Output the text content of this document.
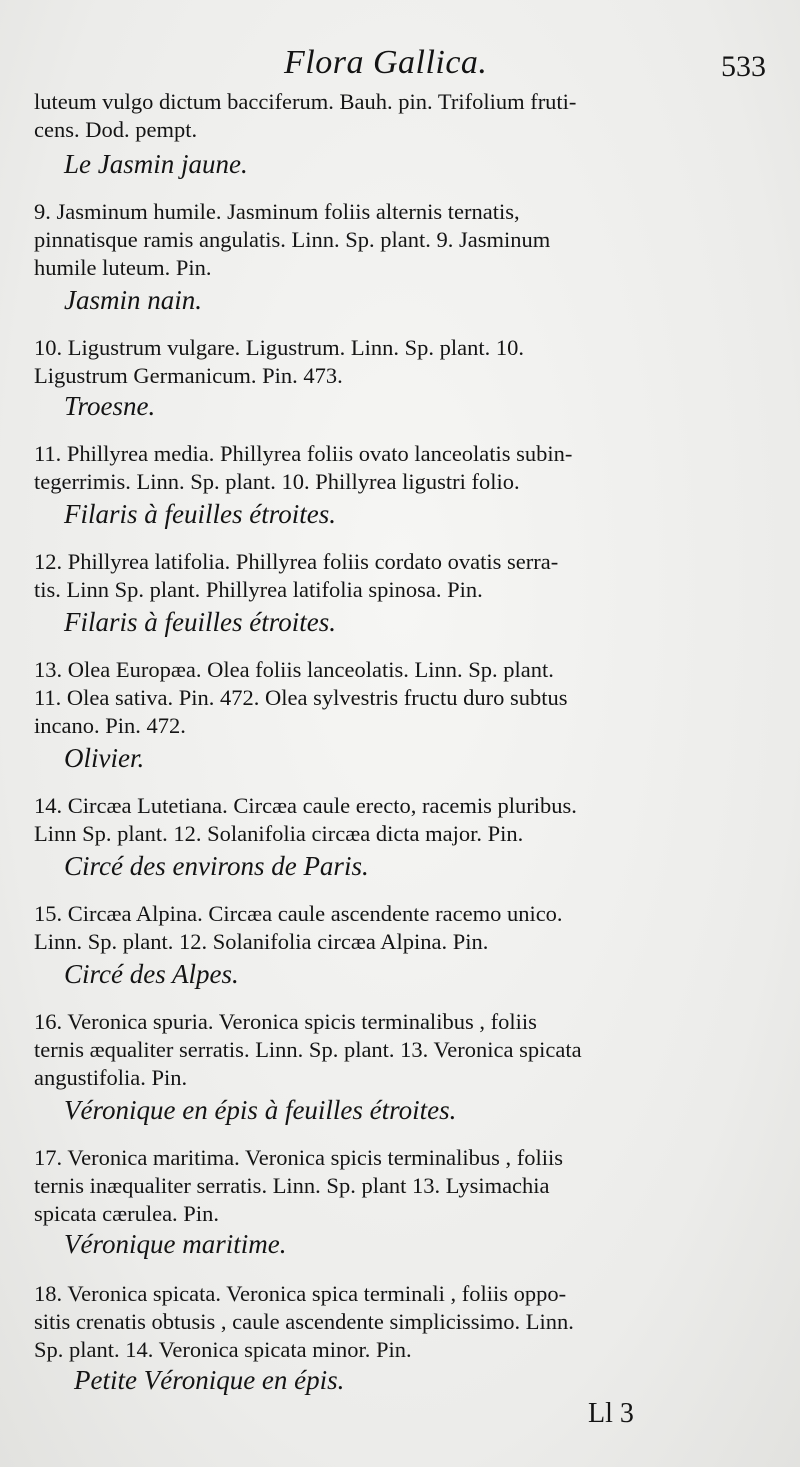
Flora Gallica.	533
luteum vulgo dictum bacciferum. Bauh. pin. Trifolium fruti-
cens. Dod. pempt.
Le Jasmin jaune.
9. Jasminum humile. Jasminum foliis alternis ternatis,
pinnatisque ramis angulatis. Linn. Sp. plant. 9. Jasminum
humile luteum. Pin.
Jasmin nain.
10. Ligustrum vulgare. Ligustrum. Linn. Sp. plant. 10.
Ligustrum Germanicum. Pin. 473.
Troesne.
11. Phillyrea media. Phillyrea foliis ovato lanceolatis subin-
tegerrimis. Linn. Sp. plant. 10. Phillyrea ligustri folio.
Filaris à feuilles étroites.
12. Phillyrea latifolia. Phillyrea foliis cordato ovatis serra-
tis. Linn Sp. plant. Phillyrea latifolia spinosa. Pin.
Filaris à feuilles étroites.
13. Olea Europæa. Olea foliis lanceolatis. Linn. Sp. plant.
11. Olea sativa. Pin. 472. Olea sylvestris fructu duro subtus
incano. Pin. 472.
Olivier.
14. Circæa Lutetiana. Circæa caule erecto, racemis pluribus.
Linn Sp. plant. 12. Solanifolia circæa dicta major. Pin.
Circé des environs de Paris.
15. Circæa Alpina. Circæa caule ascendente racemo unico.
Linn. Sp. plant. 12. Solanifolia circæa Alpina. Pin.
Circé des Alpes.
16. Veronica spuria. Veronica spicis terminalibus , foliis
ternis æqualiter serratis. Linn. Sp. plant. 13. Veronica spicata
angustifolia. Pin.
Véronique en épis à feuilles étroites.
17. Veronica maritima. Veronica spicis terminalibus , foliis
ternis inæqualiter serratis. Linn. Sp. plant 13. Lysimachia
spicata cærulea. Pin.
Véronique maritime.
18. Veronica spicata. Veronica spica terminali , foliis oppo-
sitis crenatis obtusis , caule ascendente simplicissimo. Linn.
Sp. plant. 14. Veronica spicata minor. Pin.
Petite Véronique en épis.
Ll 3
